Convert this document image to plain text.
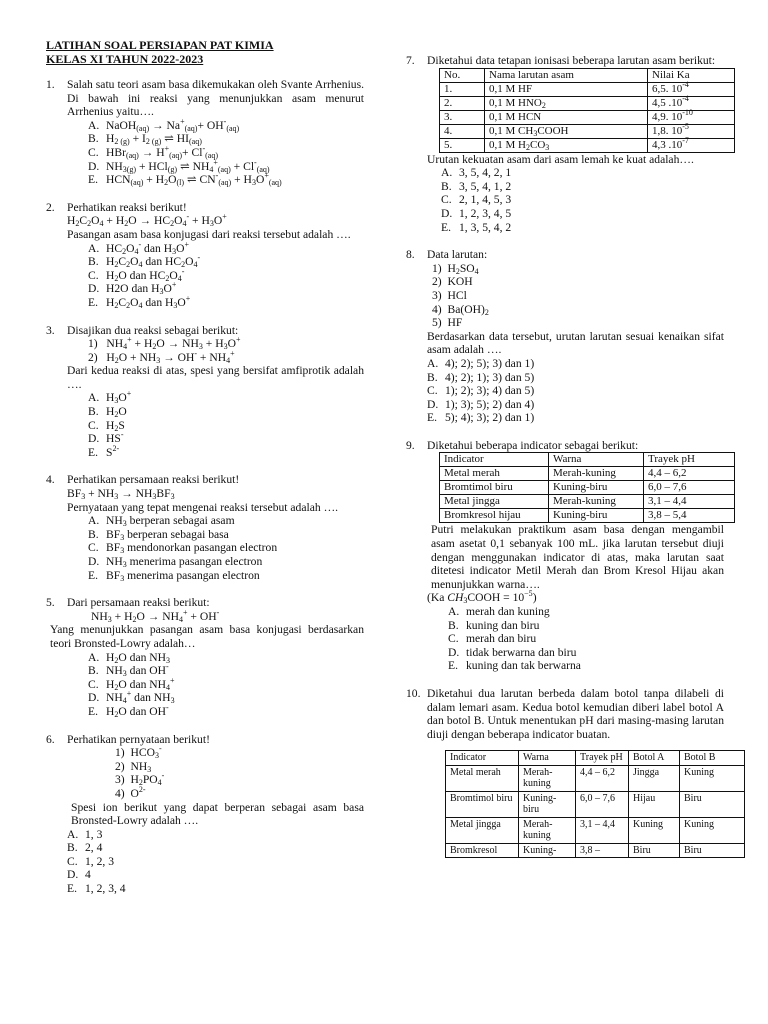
LATIHAN SOAL PERSIAPAN PAT KIMIA
KELAS XI TAHUN 2022-2023
1. Salah satu teori asam basa dikemukakan oleh Svante Arrhenius. Di bawah ini reaksi yang menunjukkan asam menurut Arrhenius yaitu….
A. NaOH$_{(aq)}$ → $Na^+_{(aq)}+ OH^-_{(aq)}$
B. $H_{2 (g)} + I_{2 (g)}$ ⇌ $HI_{(aq)}$
C. $HBr_{(aq)} \to H^+_{(aq)}+ Cl^-_{(aq)}$
D. $NH_{3(g)} + HCl_{(g)}$ ⇌ $NH_4^+_{(aq)} + Cl^-_{(aq)}$
E. $HCN_{(aq)} + H_2O_{(l)}$ ⇌ $CN^-_{(aq)} + H_3O^+_{(aq)}$
2. Perhatikan reaksi berikut!
$H_2C_2O_4 + H_2O \to HC_2O_4^- + H_3O^+$
Pasangan asam basa konjugasi dari reaksi tersebut adalah ….
A. $HC_2O_4^-$ dan $H_3O^+$
B. $H_2C_2O_4$ dan $HC_2O_4^-$
C. $H_2O$ dan $HC_2O_4^-$
D. H2O dan $H_3O^+$
E. $H_2C_2O_4$ dan $H_3O^+$
3. Disajikan dua reaksi sebagai berikut:
1)   $NH_4^+ + H_2O \to NH_3 + H_3O^+$
2)   $H_2O + NH_3 \to OH^- + NH_4^+$
Dari kedua reaksi di atas, spesi yang bersifat amfiprotik adalah ….
A. $H_3O^+$
B. $H_2O$
C. $H_2S$
D. HS-
E. $S^{2-}$
4. Perhatikan persamaan reaksi berikut!
$BF_3 + NH_3 \to NH_3BF_3$
Pernyataan yang tepat mengenai reaksi tersebut adalah ….
A. $NH_3$ berperan sebagai asam
B. $BF_3$ berperan sebagai basa
C. $BF_3$ mendonorkan pasangan electron
D. $NH_3$ menerima pasangan electron
E. $BF_3$ menerima pasangan electron
5. Dari persamaan reaksi berikut:
$NH_3 + H_2O \to NH_4^+ + OH^-$
Yang menunjukkan pasangan asam basa konjugasi berdasarkan teori Bronsted-Lowry adalah…
A. $H_2O$ dan $NH_3$
B. $NH_3$ dan OH-
C. $H_2O$ dan $NH_4^+$
D. $NH_4^+$ dan $NH_3$
E. $H_2O$ dan OH-
6. Perhatikan pernyataan berikut!
1)  $HCO_3^-$
2)  $NH_3$
3)  $H_2PO_4^-$
4)  $O^{2-}$
Spesi ion berikut yang dapat berperan sebagai asam basa Bronsted-Lowry adalah ….
A. 1, 3
B. 2, 4
C. 1, 2, 3
D. 4
E. 1, 2, 3, 4
7. Diketahui data tetapan ionisasi beberapa larutan asam berikut:
No.	Nama larutan asam	Nilai Ka
1.	0,1 M HF	6,5. $10^{-4}$
2.	0,1 M $HNO_2$	4,5 $.10^{-4}$
3.	0,1 M HCN	4,9. $10^{-10}$
4.	0,1 M $CH_3COOH$	1,8. $10^{-5}$
5.	0,1 M $H_2CO_3$	4,3 $.10^{-7}$
Urutan kekuatan asam dari asam lemah ke kuat adalah….
A. 3, 5, 4, 2, 1
B. 3, 5, 4, 1, 2
C. 2, 1, 4, 5, 3
D. 1, 2, 3, 4, 5
E. 1, 3, 5, 4, 2
8. Data larutan:
1)  $H_2SO_4$
2) KOH
3) HCl
4)  $Ba(OH)_2$
5) HF
Berdasarkan data tersebut, urutan larutan sesuai kenaikan sifat asam adalah ….
A. 4); 2); 5); 3) dan 1)
B. 4); 2); 1); 3) dan 5)
C. 1); 2); 3); 4) dan 5)
D. 1); 3); 5); 2) dan 4)
E. 5); 4); 3); 2) dan 1)
9. Diketahui beberapa indicator sebagai berikut:
Indicator	Warna	Trayek pH
Metal merah	Merah-kuning	4,4 – 6,2
Bromtimol biru	Kuning-biru	6,0 – 7,6
Metal jingga	Merah-kuning	3,1 – 4,4
Bromkresol hijau	Kuning-biru	3,8 – 5,4
Putri melakukan praktikum asam basa dengan mengambil asam asetat 0,1 sebanyak 100 mL. jika larutan tersebut diuji dengan menggunakan indicator di atas, maka larutan saat ditetesi indicator Metil Merah dan Brom Kresol Hijau akan menunjukkan warna….
(Ka $CH_3COOH = 10^{-5}$)
A. merah dan kuning
B. kuning dan biru
C. merah dan biru
D. tidak berwarna dan biru
E. kuning dan tak berwarna
10. Diketahui dua larutan berbeda dalam botol tanpa dilabeli di dalam lemari asam. Kedua botol kemudian diberi label botol A dan botol B. Untuk menentukan pH dari masing-masing larutan diuji dengan beberapa indicator buatan.
Indicator	Warna	Trayek pH	Botol A	Botol B
Metal merah	Merah-kuning	4,4 – 6,2	Jingga	Kuning
Bromtimol biru	Kuning-biru	6,0 – 7,6	Hijau	Biru
Metal jingga	Merah-kuning	3,1 – 4,4	Kuning	Kuning
Bromkresol	Kuning-	3,8 –	Biru	Biru
